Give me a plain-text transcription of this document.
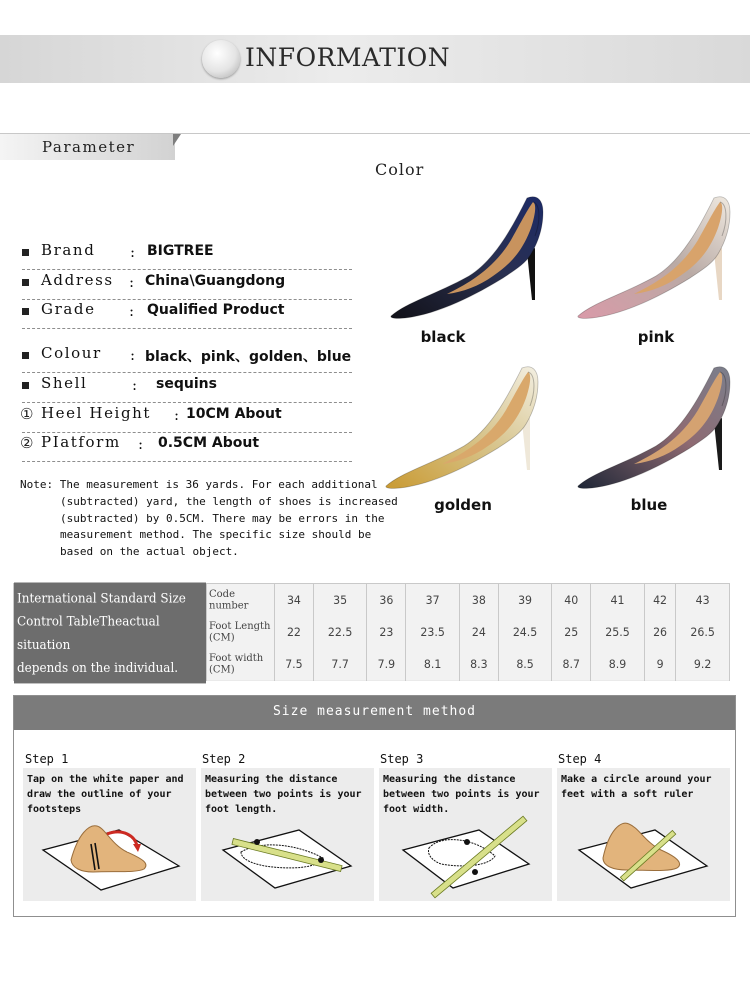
INFORMATION
Parameter
Color
Brand : BIGTREE
Address : China\Guangdong
Grade : Qualified Product
Colour : black、pink、golden、blue
Shell	: sequins
① Heel Height : 10CM About
② PIatform : 0.5CM About
Note: The measurement is 36 yards. For each additional
(subtracted) yard, the length of shoes is increased
(subtracted) by 0.5CM. There may be errors in the
measurement method. The specific size should be
based on the actual object.
black	pink
golden	blue
International Standard Size
Control TableTheactual situation
depends on the individual.	Code number	34	35	36	37	38	39	40	41	42	43
	Foot Length (CM)	22	22.5	23	23.5	24	24.5	25	25.5	26	26.5
	Foot width (CM)	7.5	7.7	7.9	8.1	8.3	8.5	8.7	8.9	9	9.2
Size measurement method
Step 1
Tap on the white paper and draw the outline of your footsteps
Step 2
Measuring the distance between two points is your foot length.
Step 3
Measuring the distance between two points is your foot width.
Step 4
Make a circle around your feet with a soft ruler
